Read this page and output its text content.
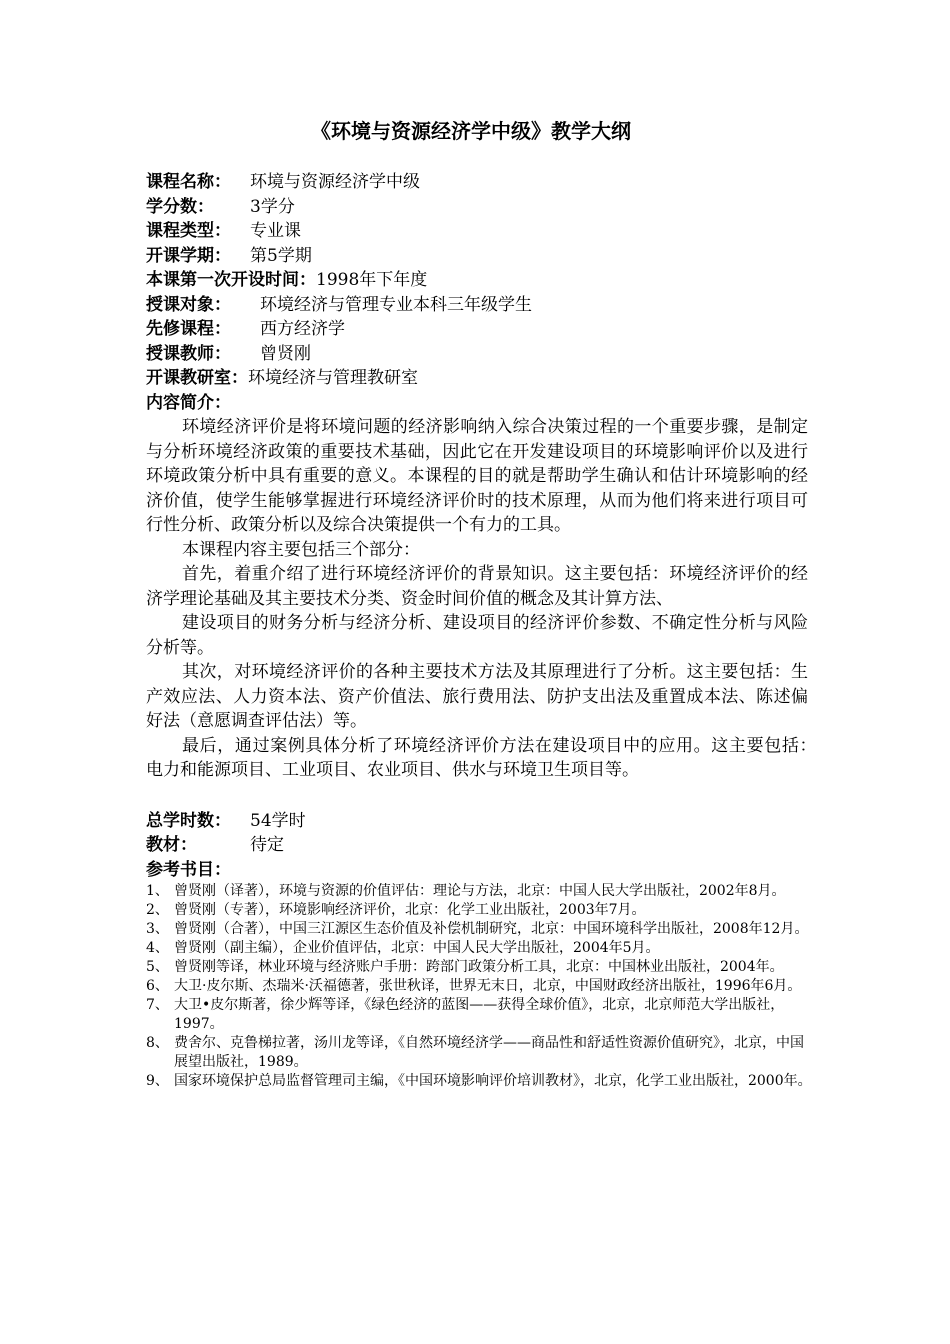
《环境与资源经济学中级》教学大纲
课程名称： 环境与资源经济学中级
学分数： 3学分
课程类型： 专业课
开课学期： 第5学期
本课第一次开设时间：1998年下年度
授课对象： 环境经济与管理专业本科三年级学生
先修课程： 西方经济学
授课教师： 曾贤刚
开课教研室：环境经济与管理教研室
内容简介：

环境经济评价是将环境问题的经济影响纳入综合决策过程的一个重要步骤，是制定与分析环境经济政策的重要技术基础，因此它在开发建设项目的环境影响评价以及进行环境政策分析中具有重要的意义。本课程的目的就是帮助学生确认和估计环境影响的经济价值，使学生能够掌握进行环境经济评价时的技术原理，从而为他们将来进行项目可行性分析、政策分析以及综合决策提供一个有力的工具。

本课程内容主要包括三个部分：

首先，着重介绍了进行环境经济评价的背景知识。这主要包括：环境经济评价的经济学理论基础及其主要技术分类、资金时间价值的概念及其计算方法、

建设项目的财务分析与经济分析、建设项目的经济评价参数、不确定性分析与风险分析等。

其次，对环境经济评价的各种主要技术方法及其原理进行了分析。这主要包括：生产效应法、人力资本法、资产价值法、旅行费用法、防护支出法及重置成本法、陈述偏好法（意愿调查评估法）等。

最后，通过案例具体分析了环境经济评价方法在建设项目中的应用。这主要包括：　电力和能源项目、工业项目、农业项目、供水与环境卫生项目等。

总学时数： 54学时
教材：	待定
参考书目：
1、 曾贤刚（译著），环境与资源的价值评估：理论与方法，北京：中国人民大学出版社，2002年8月。
2、 曾贤刚（专著），环境影响经济评价，北京：化学工业出版社，2003年7月。
3、 曾贤刚（合著），中国三江源区生态价值及补偿机制研究，北京：中国环境科学出版社，2008年12月。
4、 曾贤刚（副主编），企业价值评估，北京：中国人民大学出版社，2004年5月。
5、 曾贤刚等译，林业环境与经济账户手册：跨部门政策分析工具，北京：中国林业出版社，2004年。
6、 大卫·皮尔斯、杰瑞米·沃福德著，张世秋译，世界无末日，北京，中国财政经济出版社，1996年6月。
7、 大卫•皮尔斯著，徐少辉等译，《绿色经济的蓝图——获得全球价值》，北京，北京师范大学出版社，1997。
8、 费舍尔、克鲁梯拉著，汤川龙等译，《自然环境经济学——商品性和舒适性资源价值研究》，北京，中国展望出版社，1989。
9、 国家环境保护总局监督管理司主编，《中国环境影响评价培训教材》，北京，化学工业出版社，2000年。
